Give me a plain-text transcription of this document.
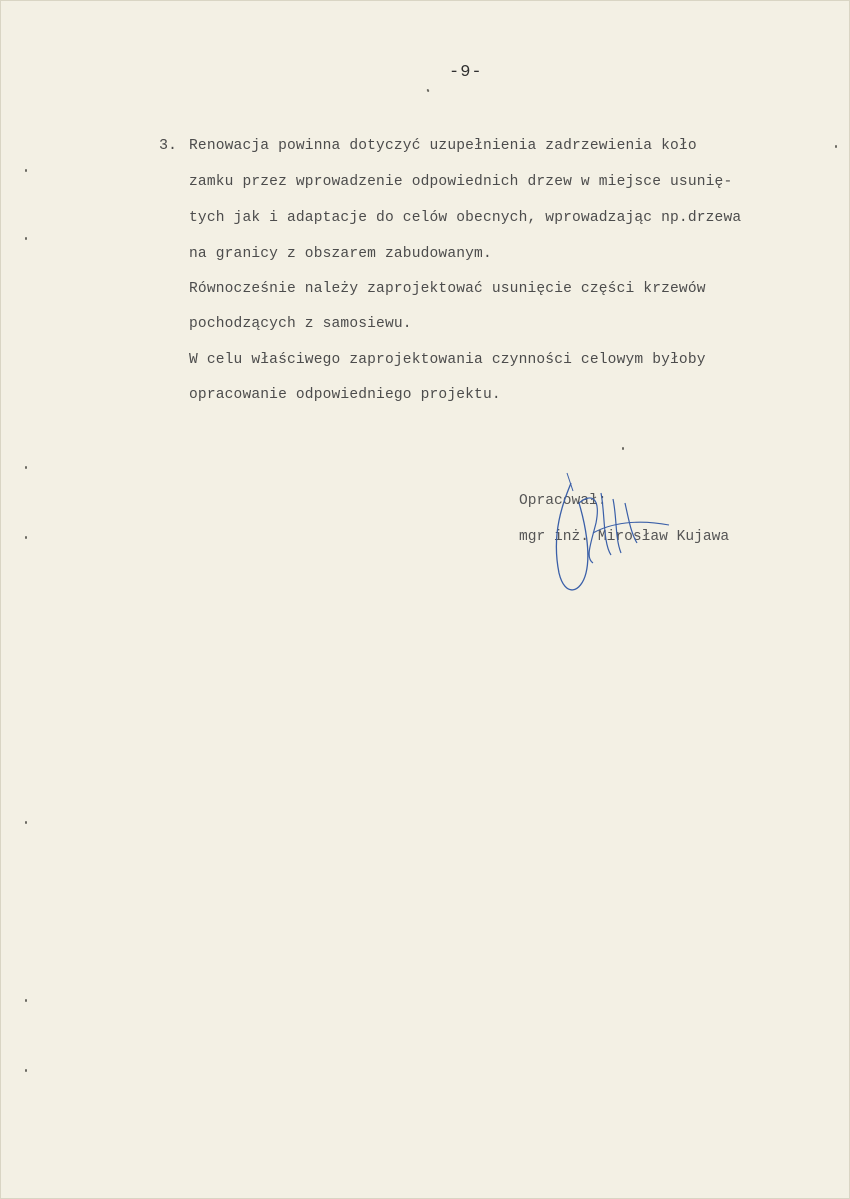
-9-
3. Renowacja powinna dotyczyć uzupełnienia zadrzewienia koło
zamku przez wprowadzenie odpowiednich drzew w miejsce usunię-
tych jak i adaptacje do celów obecnych, wprowadzając np.drzewa
na granicy z obszarem zabudowanym.
Równocześnie należy zaprojektować usunięcie części krzewów
pochodzących z samosiewu.
W celu właściwego zaprojektowania czynności celowym byłoby
opracowanie odpowiedniego projektu.
Opracował:
mgr inż. Mirosław Kujawa
